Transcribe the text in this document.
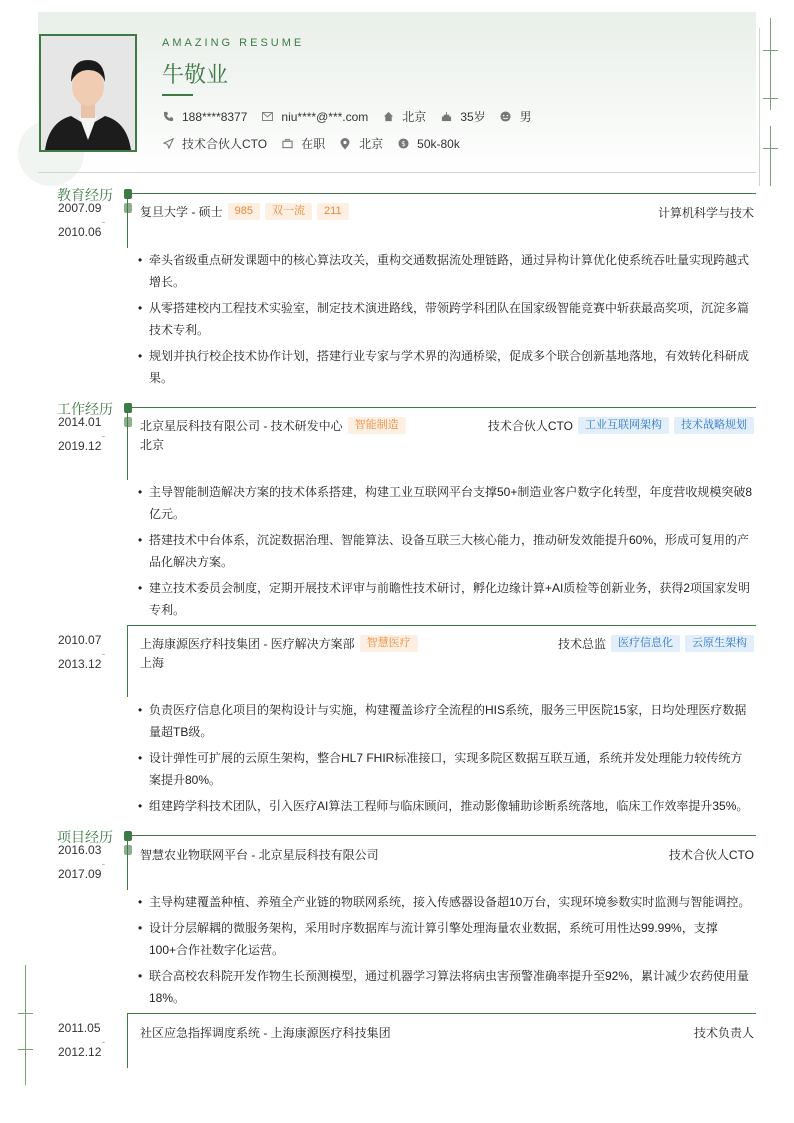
AMAZING RESUME
牛敬业
188****8377	niu****@***.com	北京	35岁	男
技术合伙人CTO	在职	北京 $ 50k-80k
教育经历
2007.09
-
2010.06
复旦大学 - 硕士	985	双一流	211	计算机科学与技术
• 牵头省级重点研发课题中的核心算法攻关，重构交通数据流处理链路，通过异构计算优化使系统吞吐量实现跨越式增长。
• 从零搭建校内工程技术实验室，制定技术演进路线，带领跨学科团队在国家级智能竞赛中斩获最高奖项，沉淀多篇技术专利。
• 规划并执行校企技术协作计划，搭建行业专家与学术界的沟通桥梁，促成多个联合创新基地落地，有效转化科研成果。
工作经历
2014.01
-
2019.12
北京星辰科技有限公司 - 技术研发中心	智能制造
北京
技术合伙人CTO	工业互联网架构	技术战略规划
• 主导智能制造解决方案的技术体系搭建，构建工业互联网平台支撑50+制造业客户数字化转型，年度营收规模突破8亿元。
• 搭建技术中台体系，沉淀数据治理、智能算法、设备互联三大核心能力，推动研发效能提升60%，形成可复用的产品化解决方案。
• 建立技术委员会制度，定期开展技术评审与前瞻性技术研讨，孵化边缘计算+AI质检等创新业务，获得2项国家发明专利。
2010.07
-
2013.12
上海康源医疗科技集团 - 医疗解决方案部	智慧医疗
上海
技术总监	医疗信息化	云原生架构
• 负责医疗信息化项目的架构设计与实施，构建覆盖诊疗全流程的HIS系统，服务三甲医院15家，日均处理医疗数据量超TB级。
• 设计弹性可扩展的云原生架构，整合HL7 FHIR标准接口，实现多院区数据互联互通，系统并发处理能力较传统方案提升80%。
• 组建跨学科技术团队，引入医疗AI算法工程师与临床顾问，推动影像辅助诊断系统落地，临床工作效率提升35%。
项目经历
2016.03
-
2017.09
智慧农业物联网平台 - 北京星辰科技有限公司	技术合伙人CTO
• 主导构建覆盖种植、养殖全产业链的物联网系统，接入传感器设备超10万台，实现环境参数实时监测与智能调控。
• 设计分层解耦的微服务架构，采用时序数据库与流计算引擎处理海量农业数据，系统可用性达99.99%，支撑100+合作社数字化运营。
• 联合高校农科院开发作物生长预测模型，通过机器学习算法将病虫害预警准确率提升至92%，累计减少农药使用量18%。
2011.05
-
2012.12
社区应急指挥调度系统 - 上海康源医疗科技集团	技术负责人
